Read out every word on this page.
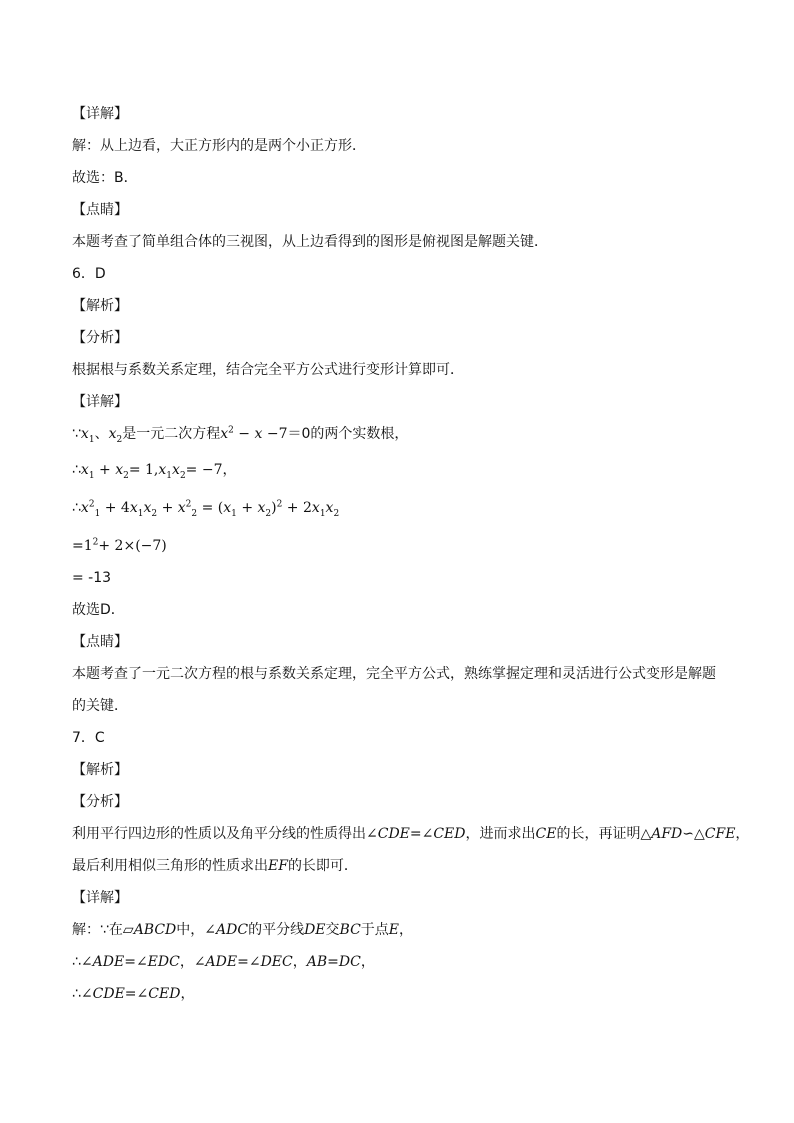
【详解】
解：从上边看，大正方形内的是两个小正方形．
故选：B．
【点睛】
本题考查了简单组合体的三视图，从上边看得到的图形是俯视图是解题关键．
6．D
【解析】
【分析】
根据根与系数关系定理，结合完全平方公式进行变形计算即可．
【详解】
$\because x_1$、$x_2$是一元二次方程$x^2 - x -7=0$的两个实数根，
$\therefore x_1 + x_2= 1,x_1x_2= -7$，
$\therefore x^2_1 + 4x_1x_2 + x^2_2 = (x_1 + x_2)^2 + 2x_1x_2$
$=1^2+ 2\times(-7)$
= -13
故选D．
【点睛】
本题考查了一元二次方程的根与系数关系定理，完全平方公式，熟练掌握定理和灵活进行公式变形是解题
的关键．
7．C
【解析】
【分析】
利用平行四边形的性质以及角平分线的性质得出∠CDE=∠CED，进而求出CE的长，再证明△AFD∽△CFE，
最后利用相似三角形的性质求出EF的长即可．
【详解】
解：∵在▱ABCD中，∠ADC的平分线DE交BC于点E，
∴∠ADE=∠EDC，∠ADE=∠DEC，AB=DC，
∴∠CDE=∠CED，
